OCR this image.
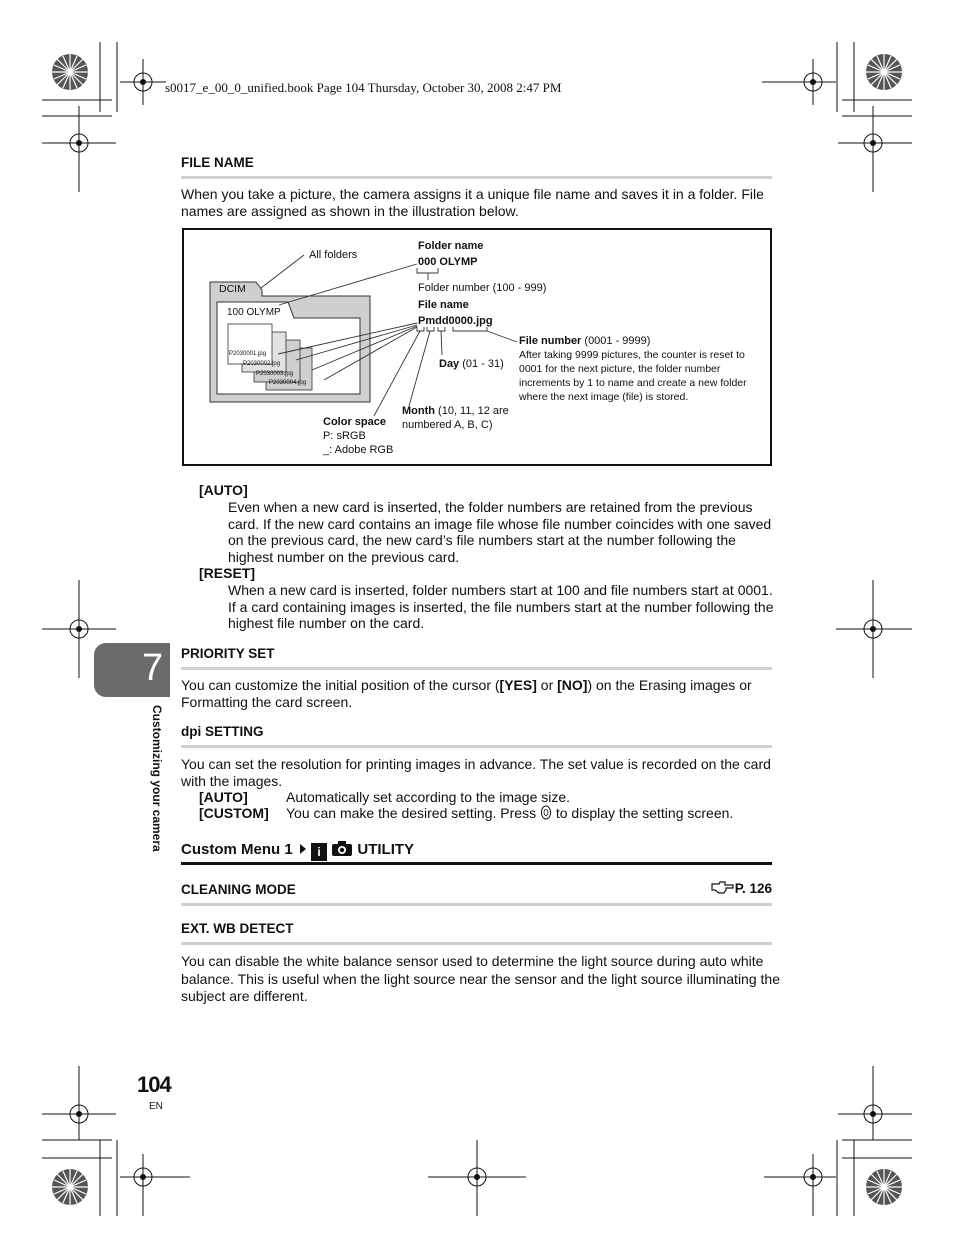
s0017_e_00_0_unified.book Page 104 Thursday, October 30, 2008 2:47 PM
FILE NAME
When you take a picture, the camera assigns it a unique file name and saves it in a folder. File names are assigned as shown in the illustration below.
All folders
DCIM
100 OLYMP
P2030001.jpg
P2030002.jpg
P2030003.jpg
P2030004.jpg
Folder name
000 OLYMP
Folder number (100 - 999)
File name
Pmdd0000.jpg
File number (0001 - 9999)
After taking 9999 pictures, the counter is reset to 0001 for the next picture, the folder number increments by 1 to name and create a new folder where the next image (file) is stored.
Day (01 - 31)
Month (10, 11, 12 are numbered A, B, C)
Color space
P: sRGB
_: Adobe RGB
[AUTO]
Even when a new card is inserted, the folder numbers are retained from the previous card. If the new card contains an image file whose file number coincides with one saved on the previous card, the new card’s file numbers start at the number following the highest number on the previous card.
[RESET]
When a new card is inserted, folder numbers start at 100 and file numbers start at 0001. If a card containing images is inserted, the file numbers start at the number following the highest file number on the card.
PRIORITY SET
You can customize the initial position of the cursor ([YES] or [NO]) on the Erasing images or Formatting the card screen.
dpi SETTING
You can set the resolution for printing images in advance. The set value is recorded on the card with the images.
[AUTO]	Automatically set according to the image size.
[CUSTOM] You can make the desired setting. Press  to display the setting screen.
Custom Menu 1 i UTILITY
CLEANING MODE	P. 126
EXT. WB DETECT
You can disable the white balance sensor used to determine the light source during auto white balance. This is useful when the light source near the sensor and the light source illuminating the subject are different.
7
Customizing your camera
104
EN
